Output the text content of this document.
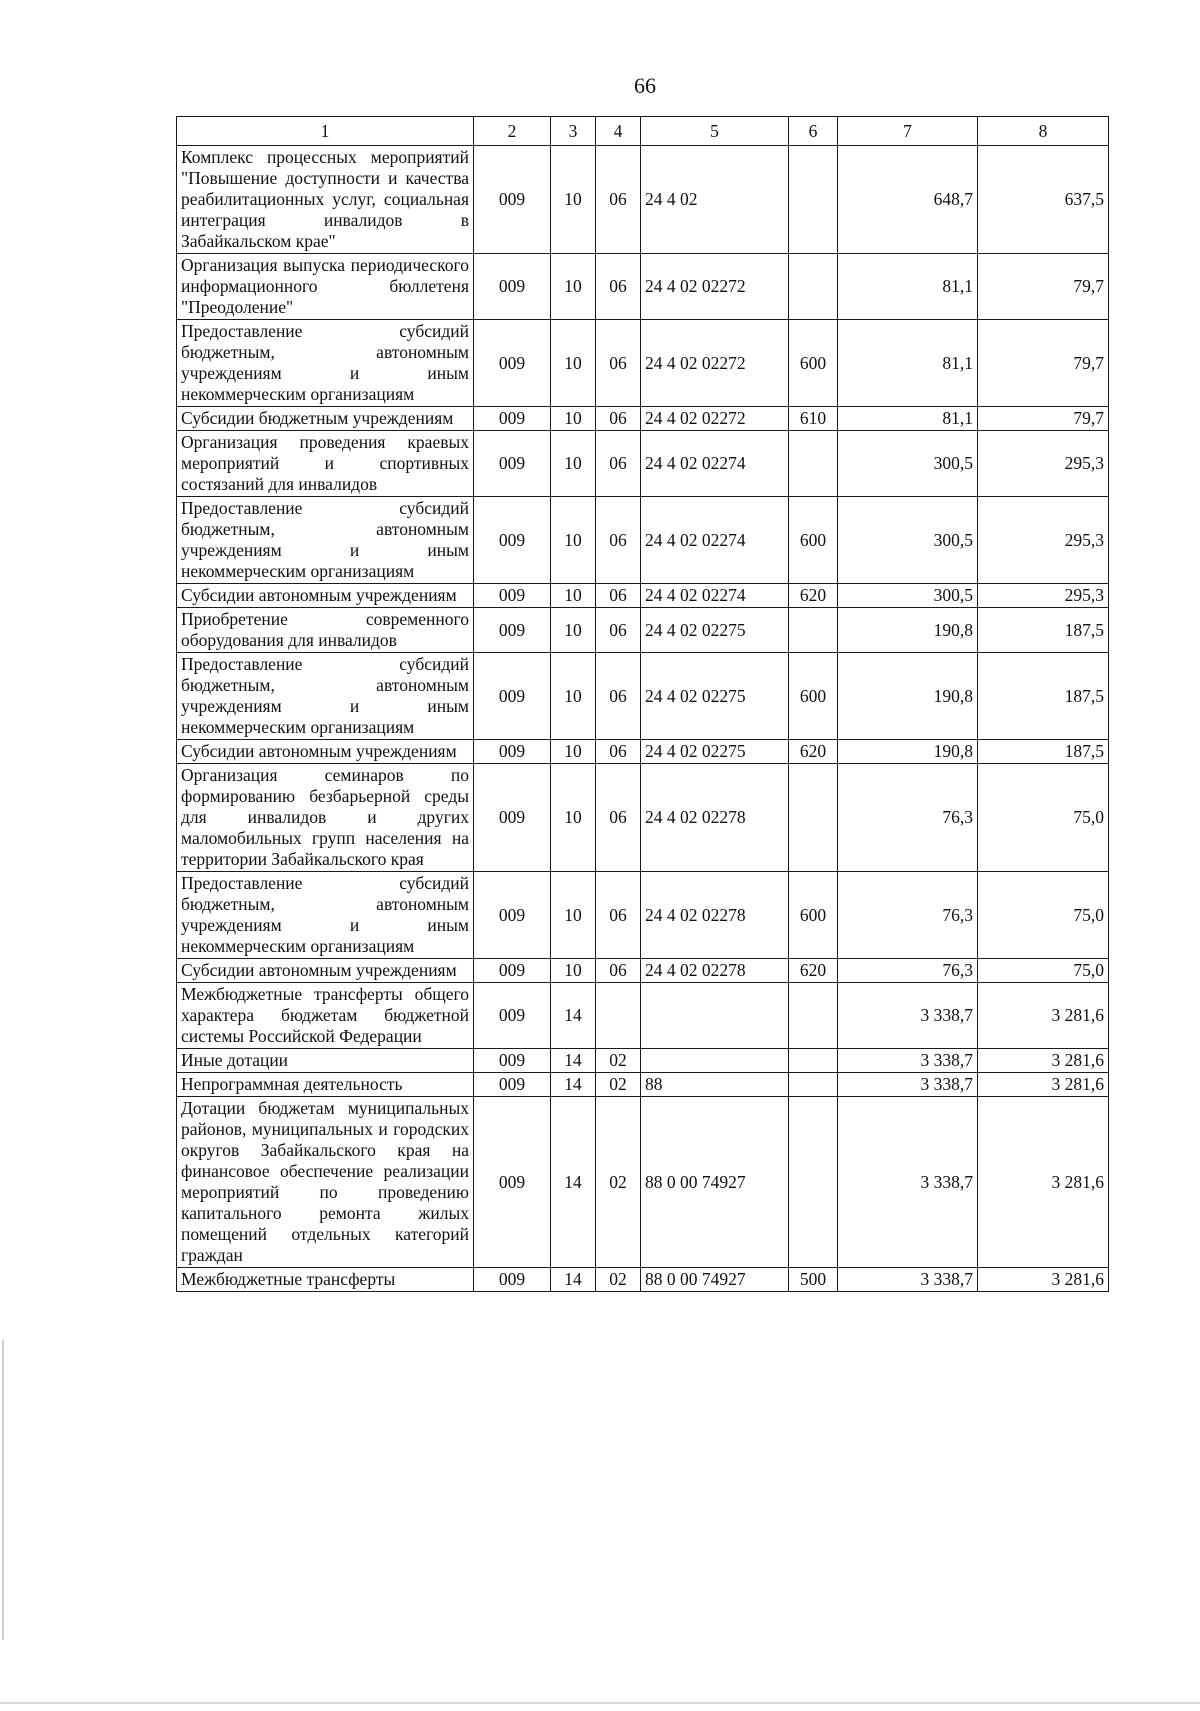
66
1	2	3	4	5	6	7	8
Комплекс процессных мероприятий "Повышение доступности и качества реабилитационных услуг, социальная интеграция инвалидов в Забайкальском крае"	009	10	06	24 4 02		648,7	637,5
Организация выпуска периодического информационного бюллетеня "Преодоление"	009	10	06	24 4 02 02272		81,1	79,7
Предоставление субсидий бюджетным, автономным учреждениям и иным некоммерческим организациям	009	10	06	24 4 02 02272	600	81,1	79,7
Субсидии бюджетным учреждениям	009	10	06	24 4 02 02272	610	81,1	79,7
Организация проведения краевых мероприятий и спортивных состязаний для инвалидов	009	10	06	24 4 02 02274		300,5	295,3
Предоставление субсидий бюджетным, автономным учреждениям и иным некоммерческим организациям	009	10	06	24 4 02 02274	600	300,5	295,3
Субсидии автономным учреждениям	009	10	06	24 4 02 02274	620	300,5	295,3
Приобретение современного оборудования для инвалидов	009	10	06	24 4 02 02275		190,8	187,5
Предоставление субсидий бюджетным, автономным учреждениям и иным некоммерческим организациям	009	10	06	24 4 02 02275	600	190,8	187,5
Субсидии автономным учреждениям	009	10	06	24 4 02 02275	620	190,8	187,5
Организация семинаров по формированию безбарьерной среды для инвалидов и других маломобильных групп населения на территории Забайкальского края	009	10	06	24 4 02 02278		76,3	75,0
Предоставление субсидий бюджетным, автономным учреждениям и иным некоммерческим организациям	009	10	06	24 4 02 02278	600	76,3	75,0
Субсидии автономным учреждениям	009	10	06	24 4 02 02278	620	76,3	75,0
Межбюджетные трансферты общего характера бюджетам бюджетной системы Российской Федерации	009	14				3 338,7	3 281,6
Иные дотации	009	14	02			3 338,7	3 281,6
Непрограммная деятельность	009	14	02	88		3 338,7	3 281,6
Дотации бюджетам муниципальных районов, муниципальных и городских округов Забайкальского края на финансовое обеспечение реализации мероприятий по проведению капитального ремонта жилых помещений отдельных категорий граждан	009	14	02	88 0 00 74927		3 338,7	3 281,6
Межбюджетные трансферты	009	14	02	88 0 00 74927	500	3 338,7	3 281,6
